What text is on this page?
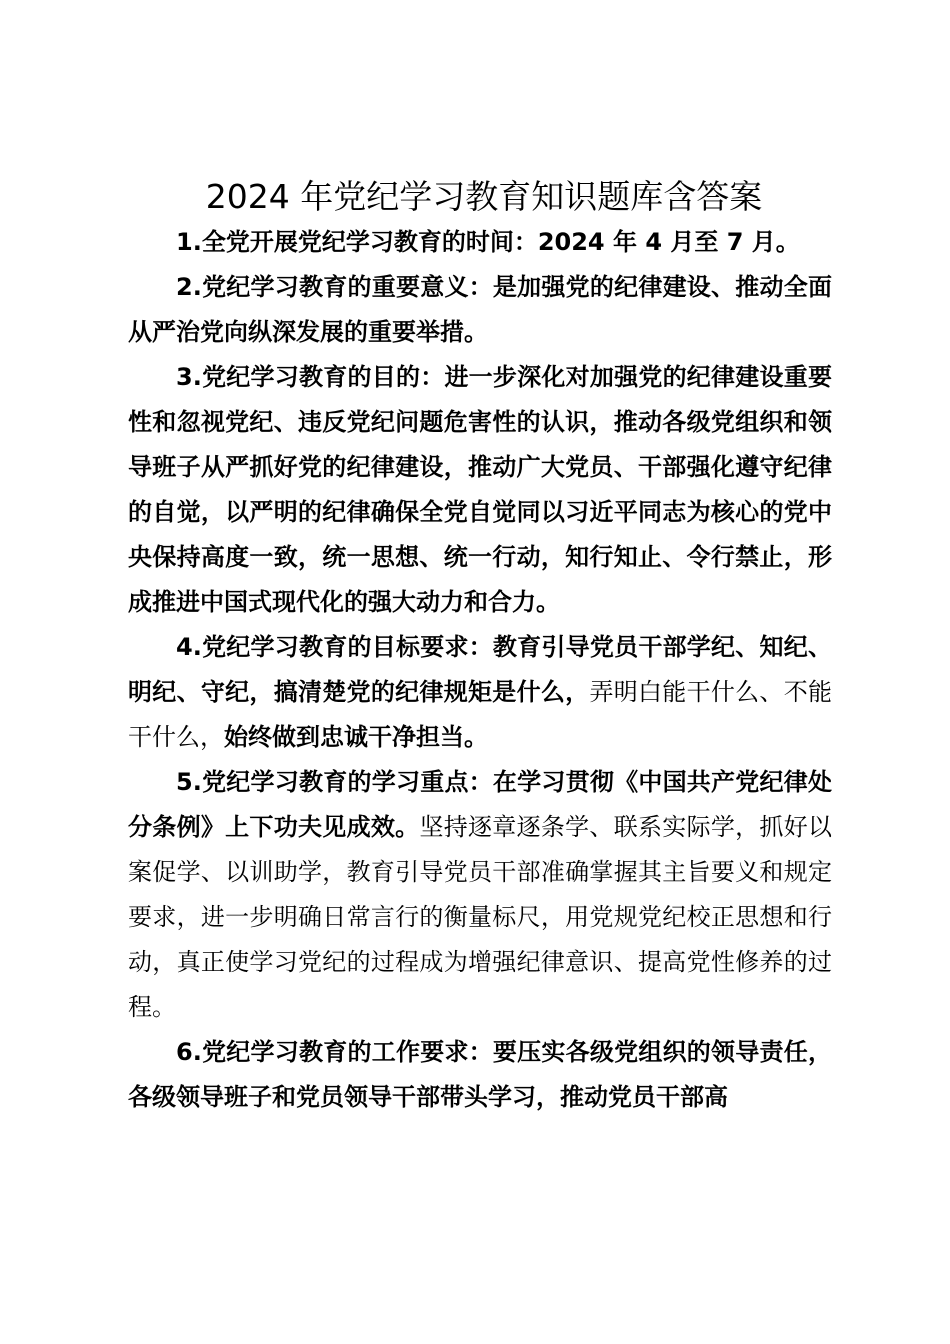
2024 年党纪学习教育知识题库含答案

1.全党开展党纪学习教育的时间：2024 年 4 月至 7 月。

2.党纪学习教育的重要意义：是加强党的纪律建设、推动全面从严治党向纵深发展的重要举措。

3.党纪学习教育的目的：进一步深化对加强党的纪律建设重要性和忽视党纪、违反党纪问题危害性的认识，推动各级党组织和领导班子从严抓好党的纪律建设，推动广大党员、干部强化遵守纪律的自觉，以严明的纪律确保全党自觉同以习近平同志为核心的党中央保持高度一致，统一思想、统一行动，知行知止、令行禁止，形成推进中国式现代化的强大动力和合力。

4.党纪学习教育的目标要求：教育引导党员干部学纪、知纪、明纪、守纪，搞清楚党的纪律规矩是什么，弄明白能干什么、不能干什么，始终做到忠诚干净担当。

5.党纪学习教育的学习重点：在学习贯彻《中国共产党纪律处分条例》上下功夫见成效。坚持逐章逐条学、联系实际学，抓好以案促学、以训助学，教育引导党员干部准确掌握其主旨要义和规定要求，进一步明确日常言行的衡量标尺，用党规党纪校正思想和行动，真正使学习党纪的过程成为增强纪律意识、提高党性修养的过程。

6.党纪学习教育的工作要求：要压实各级党组织的领导责任，各级领导班子和党员领导干部带头学习，推动党员干部高
